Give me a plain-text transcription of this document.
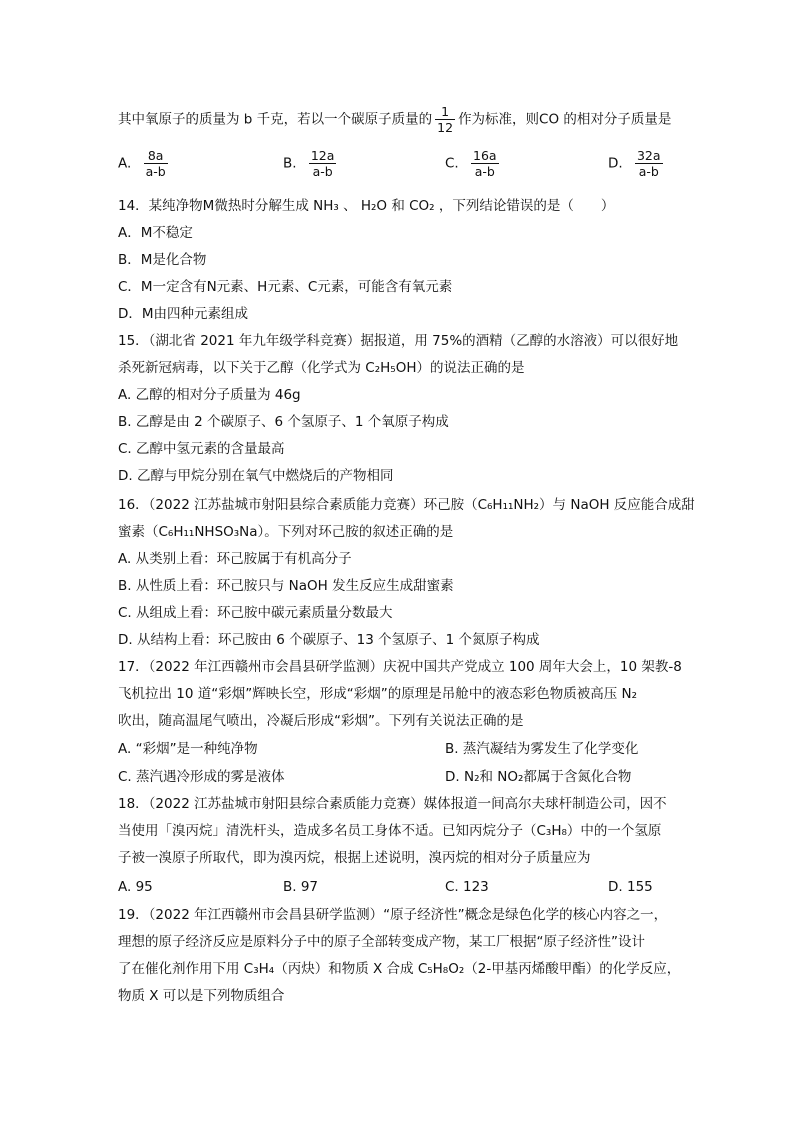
其中氧原子的质量为 b 千克，若以一个碳原子质量的 $\frac{1}{12}$ 作为标准，则CO 的相对分子质量是
A. $\frac{8a}{a-b}$	B. $\frac{12a}{a-b}$	C. $\frac{16a}{a-b}$	D. $\frac{32a}{a-b}$
14．某纯净物M微热时分解生成 NH₃ 、 H₂O 和 CO₂ ，下列结论错误的是（　　）
A．M不稳定
B．M是化合物
C．M一定含有N元素、H元素、C元素，可能含有氧元素
D．M由四种元素组成
15．（湖北省 2021 年九年级学科竞赛）据报道，用 75%的酒精（乙醇的水溶液）可以很好地
杀死新冠病毒，以下关于乙醇（化学式为 C₂H₅OH）的说法正确的是
A. 乙醇的相对分子质量为 46g
B. 乙醇是由 2 个碳原子、6 个氢原子、1 个氧原子构成
C. 乙醇中氢元素的含量最高
D. 乙醇与甲烷分别在氧气中燃烧后的产物相同
16．（2022 江苏盐城市射阳县综合素质能力竞赛）环己胺（C₆H₁₁NH₂）与 NaOH 反应能合成甜
蜜素（C₆H₁₁NHSO₃Na）。下列对环己胺的叙述正确的是
A. 从类别上看：环己胺属于有机高分子
B. 从性质上看：环己胺只与 NaOH 发生反应生成甜蜜素
C. 从组成上看：环己胺中碳元素质量分数最大
D. 从结构上看：环己胺由 6 个碳原子、13 个氢原子、1 个氮原子构成
17．（2022 年江西赣州市会昌县研学监测）庆祝中国共产党成立 100 周年大会上，10 架教-8
飞机拉出 10 道“彩烟”辉映长空，形成“彩烟”的原理是吊舱中的液态彩色物质被高压 N₂
吹出，随高温尾气喷出，冷凝后形成“彩烟”。下列有关说法正确的是
A. “彩烟”是一种纯净物	B. 蒸汽凝结为雾发生了化学变化
C. 蒸汽遇冷形成的雾是液体	D. N₂和 NO₂都属于含氮化合物
18．（2022 江苏盐城市射阳县综合素质能力竞赛）媒体报道一间高尔夫球杆制造公司，因不
当使用「溴丙烷」清洗杆头，造成多名员工身体不适。已知丙烷分子（C₃H₈）中的一个氢原
子被一溴原子所取代，即为溴丙烷，根据上述说明，溴丙烷的相对分子质量应为
A. 95	B. 97	C. 123	D. 155
19．（2022 年江西赣州市会昌县研学监测）“原子经济性”概念是绿色化学的核心内容之一，
理想的原子经济反应是原料分子中的原子全部转变成产物，某工厂根据“原子经济性”设计
了在催化剂作用下用 C₃H₄（丙炔）和物质 X 合成 C₅H₈O₂（2-甲基丙烯酸甲酯）的化学反应，
物质 X 可以是下列物质组合
